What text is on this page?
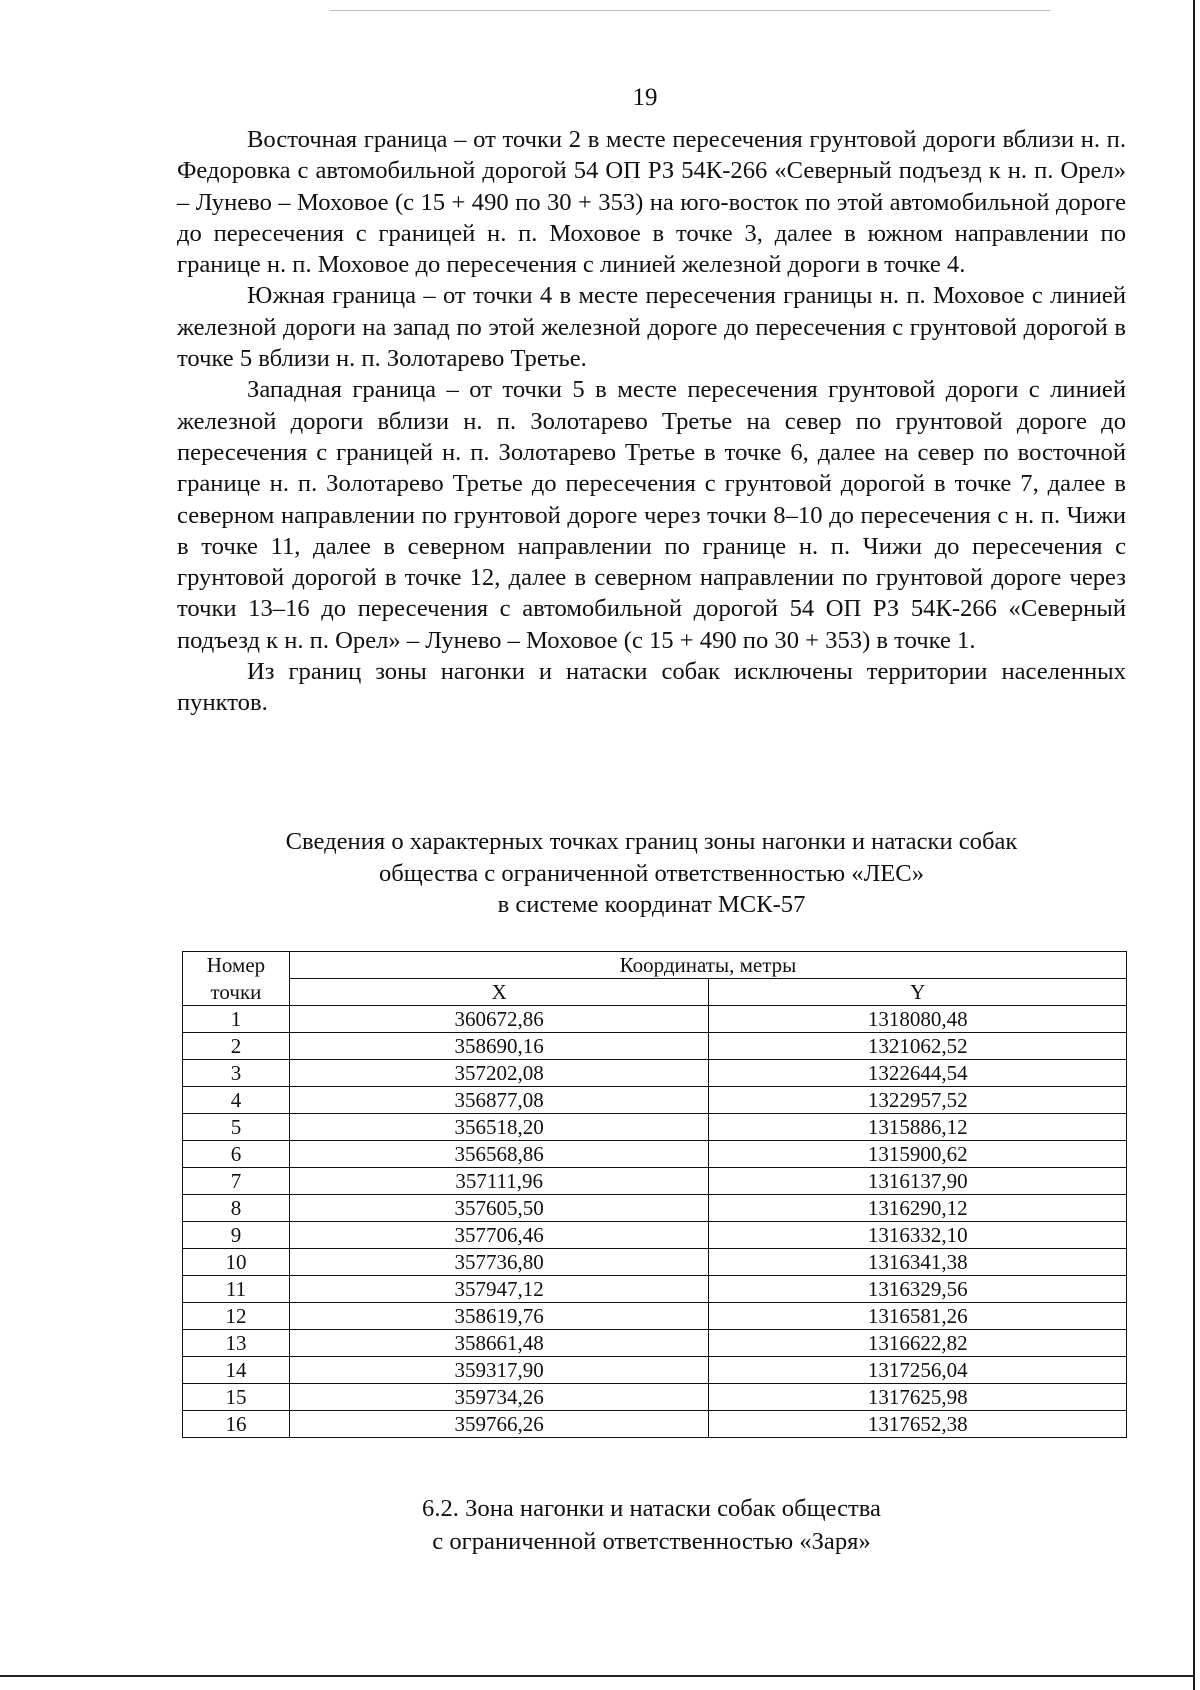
19

Восточная граница – от точки 2 в месте пересечения грунтовой дороги вблизи н. п. Федоровка с автомобильной дорогой 54 ОП РЗ 54К-266 «Северный подъезд к н. п. Орел» – Лунево – Моховое (с 15 + 490 по 30 + 353) на юго-восток по этой автомобильной дороге до пересечения с границей н. п. Моховое в точке 3, далее в южном направлении по границе н. п. Моховое до пересечения с линией железной дороги в точке 4.

Южная граница – от точки 4 в месте пересечения границы н. п. Моховое с линией железной дороги на запад по этой железной дороге до пересечения с грунтовой дорогой в точке 5 вблизи н. п. Золотарево Третье.

Западная граница – от точки 5 в месте пересечения грунтовой дороги с линией железной дороги вблизи н. п. Золотарево Третье на север по грунтовой дороге до пересечения с границей н. п. Золотарево Третье в точке 6, далее на север по восточной границе н. п. Золотарево Третье до пересечения с грунтовой дорогой в точке 7, далее в северном направлении по грунтовой дороге через точки 8–10 до пересечения с н. п. Чижи в точке 11, далее в северном направлении по границе н. п. Чижи до пересечения с грунтовой дорогой в точке 12, далее в северном направлении по грунтовой дороге через точки 13–16 до пересечения с автомобильной дорогой 54 ОП РЗ 54К-266 «Северный подъезд к н. п. Орел» – Лунево – Моховое (с 15 + 490 по 30 + 353) в точке 1.

Из границ зоны нагонки и натаски собак исключены территории населенных пунктов.

Сведения о характерных точках границ зоны нагонки и натаски собак
общества с ограниченной ответственностью «ЛЕС»
в системе координат МСК-57
Номер	Координаты, метры	
точки	X	Y
1	360672,86	1318080,48
2	358690,16	1321062,52
3	357202,08	1322644,54
4	356877,08	1322957,52
5	356518,20	1315886,12
6	356568,86	1315900,62
7	357111,96	1316137,90
8	357605,50	1316290,12
9	357706,46	1316332,10
10	357736,80	1316341,38
11	357947,12	1316329,56
12	358619,76	1316581,26
13	358661,48	1316622,82
14	359317,90	1317256,04
15	359734,26	1317625,98
16	359766,26	1317652,38
6.2. Зона нагонки и натаски собак общества
с ограниченной ответственностью «Заря»
